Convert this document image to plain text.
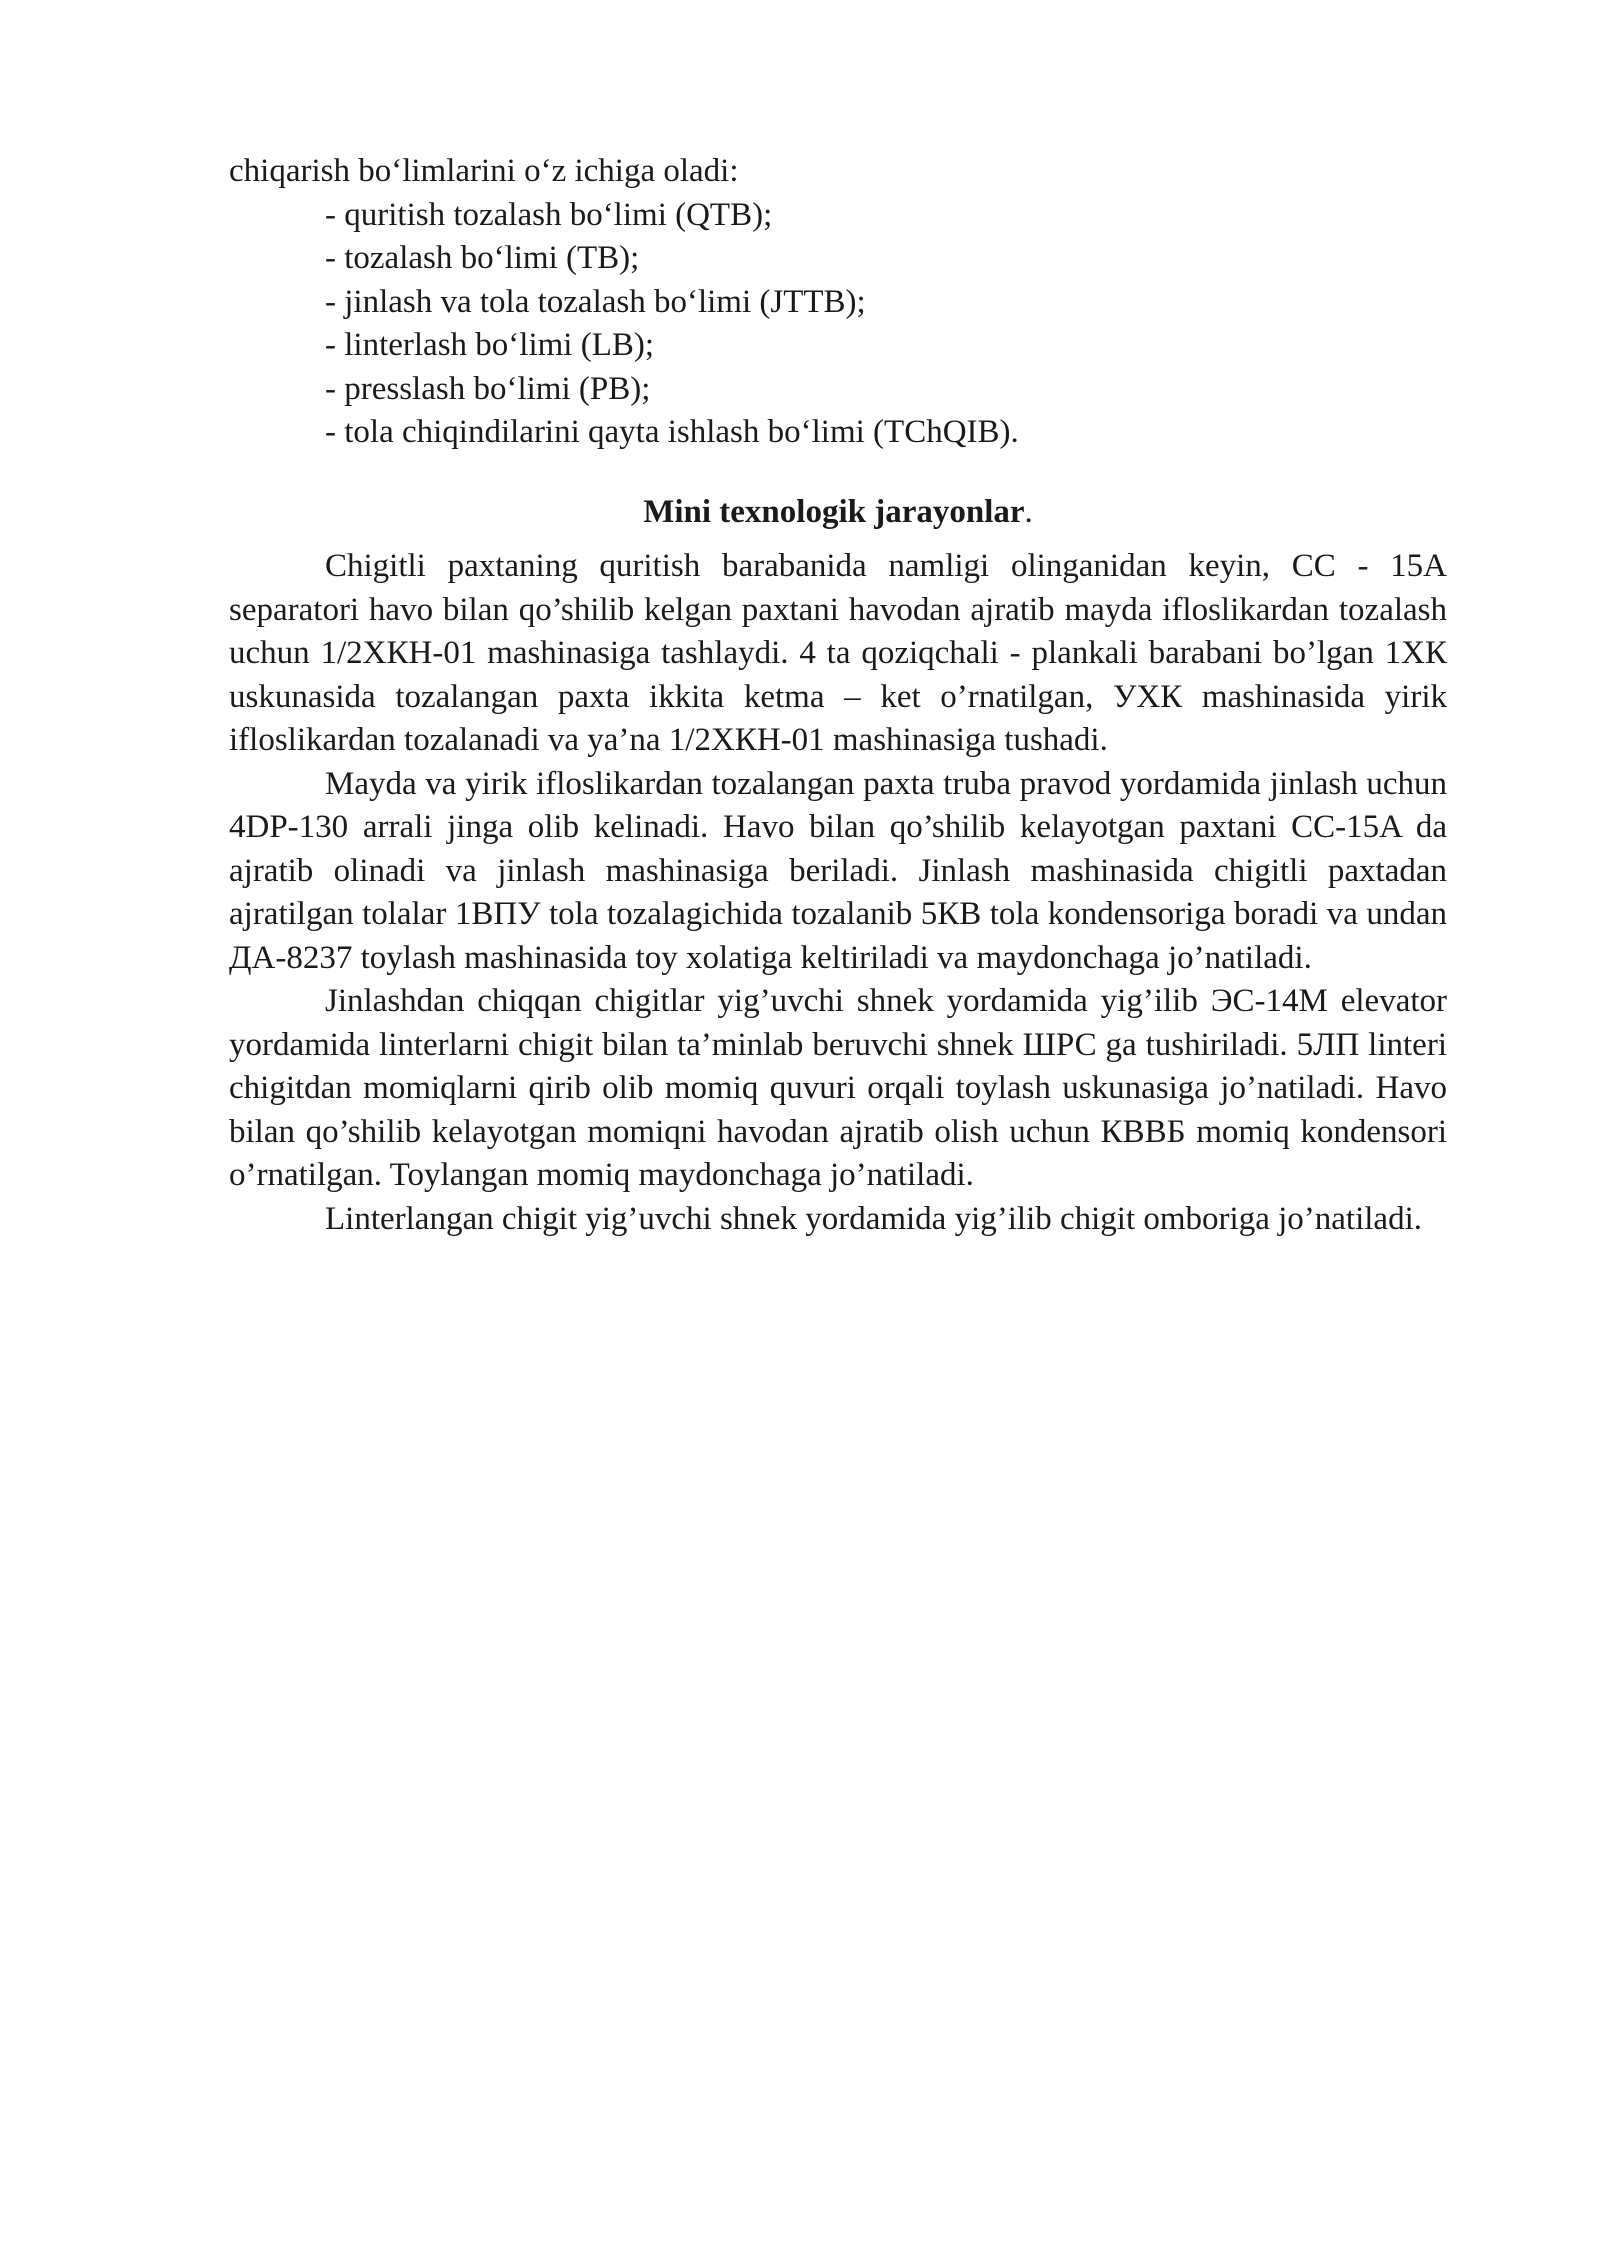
chiqarish bo‘limlarini o‘z ichiga oladi:

- quritish tozalash bo‘limi (QTB);
- tozalash bo‘limi (TB);
- jinlash va tola tozalash bo‘limi (JTTB);
- linterlash bo‘limi (LB);
- presslash bo‘limi (PB);
- tola chiqindilarini qayta ishlash bo‘limi (TChQIB).

Mini texnologik jarayonlar.

Chigitli paxtaning quritish barabanida namligi olinganidan keyin, CC - 15А separatori havo bilan qo’shilib kelgan paxtani havodan ajratib mayda ifloslikardan tozalash uchun 1/2ХКН-01 mashinasiga tashlaydi. 4 ta qoziqchali - plankali barabani bo’lgan 1ХК uskunasida tozalangan paxta ikkita ketma – ket o’rnatilgan, УХК mashinasida yirik ifloslikardan tozalanadi va ya’na 1/2ХКН-01 mashinasiga tushadi.

Mayda va yirik ifloslikardan tozalangan paxta truba pravod yordamida jinlash uchun 4DP-130 arrali jinga olib kelinadi. Havo bilan qo’shilib kelayotgan paxtani CC-15A da ajratib olinadi va jinlash mashinasiga beriladi. Jinlash mashinasida chigitli paxtadan ajratilgan tolalar 1ВПУ tola tozalagichida tozalanib 5КВ tola kondensoriga boradi va undan ДА-8237 toylash mashinasida toy xolatiga keltiriladi va maydonchaga jo’natiladi.

Jinlashdan chiqqan chigitlar yig’uvchi shnek yordamida yig’ilib ЭС-14М elevator yordamida linterlarni chigit bilan ta’minlab beruvchi shnek ШРС ga tushiriladi. 5ЛП linteri chigitdan momiqlarni qirib olib momiq quvuri orqali toylash uskunasiga jo’natiladi. Havo bilan qo’shilib kelayotgan momiqni havodan ajratib olish uchun КВВБ momiq kondensori o’rnatilgan. Toylangan momiq maydonchaga jo’natiladi.

Linterlangan chigit yig’uvchi shnek yordamida yig’ilib chigit omboriga jo’natiladi.
